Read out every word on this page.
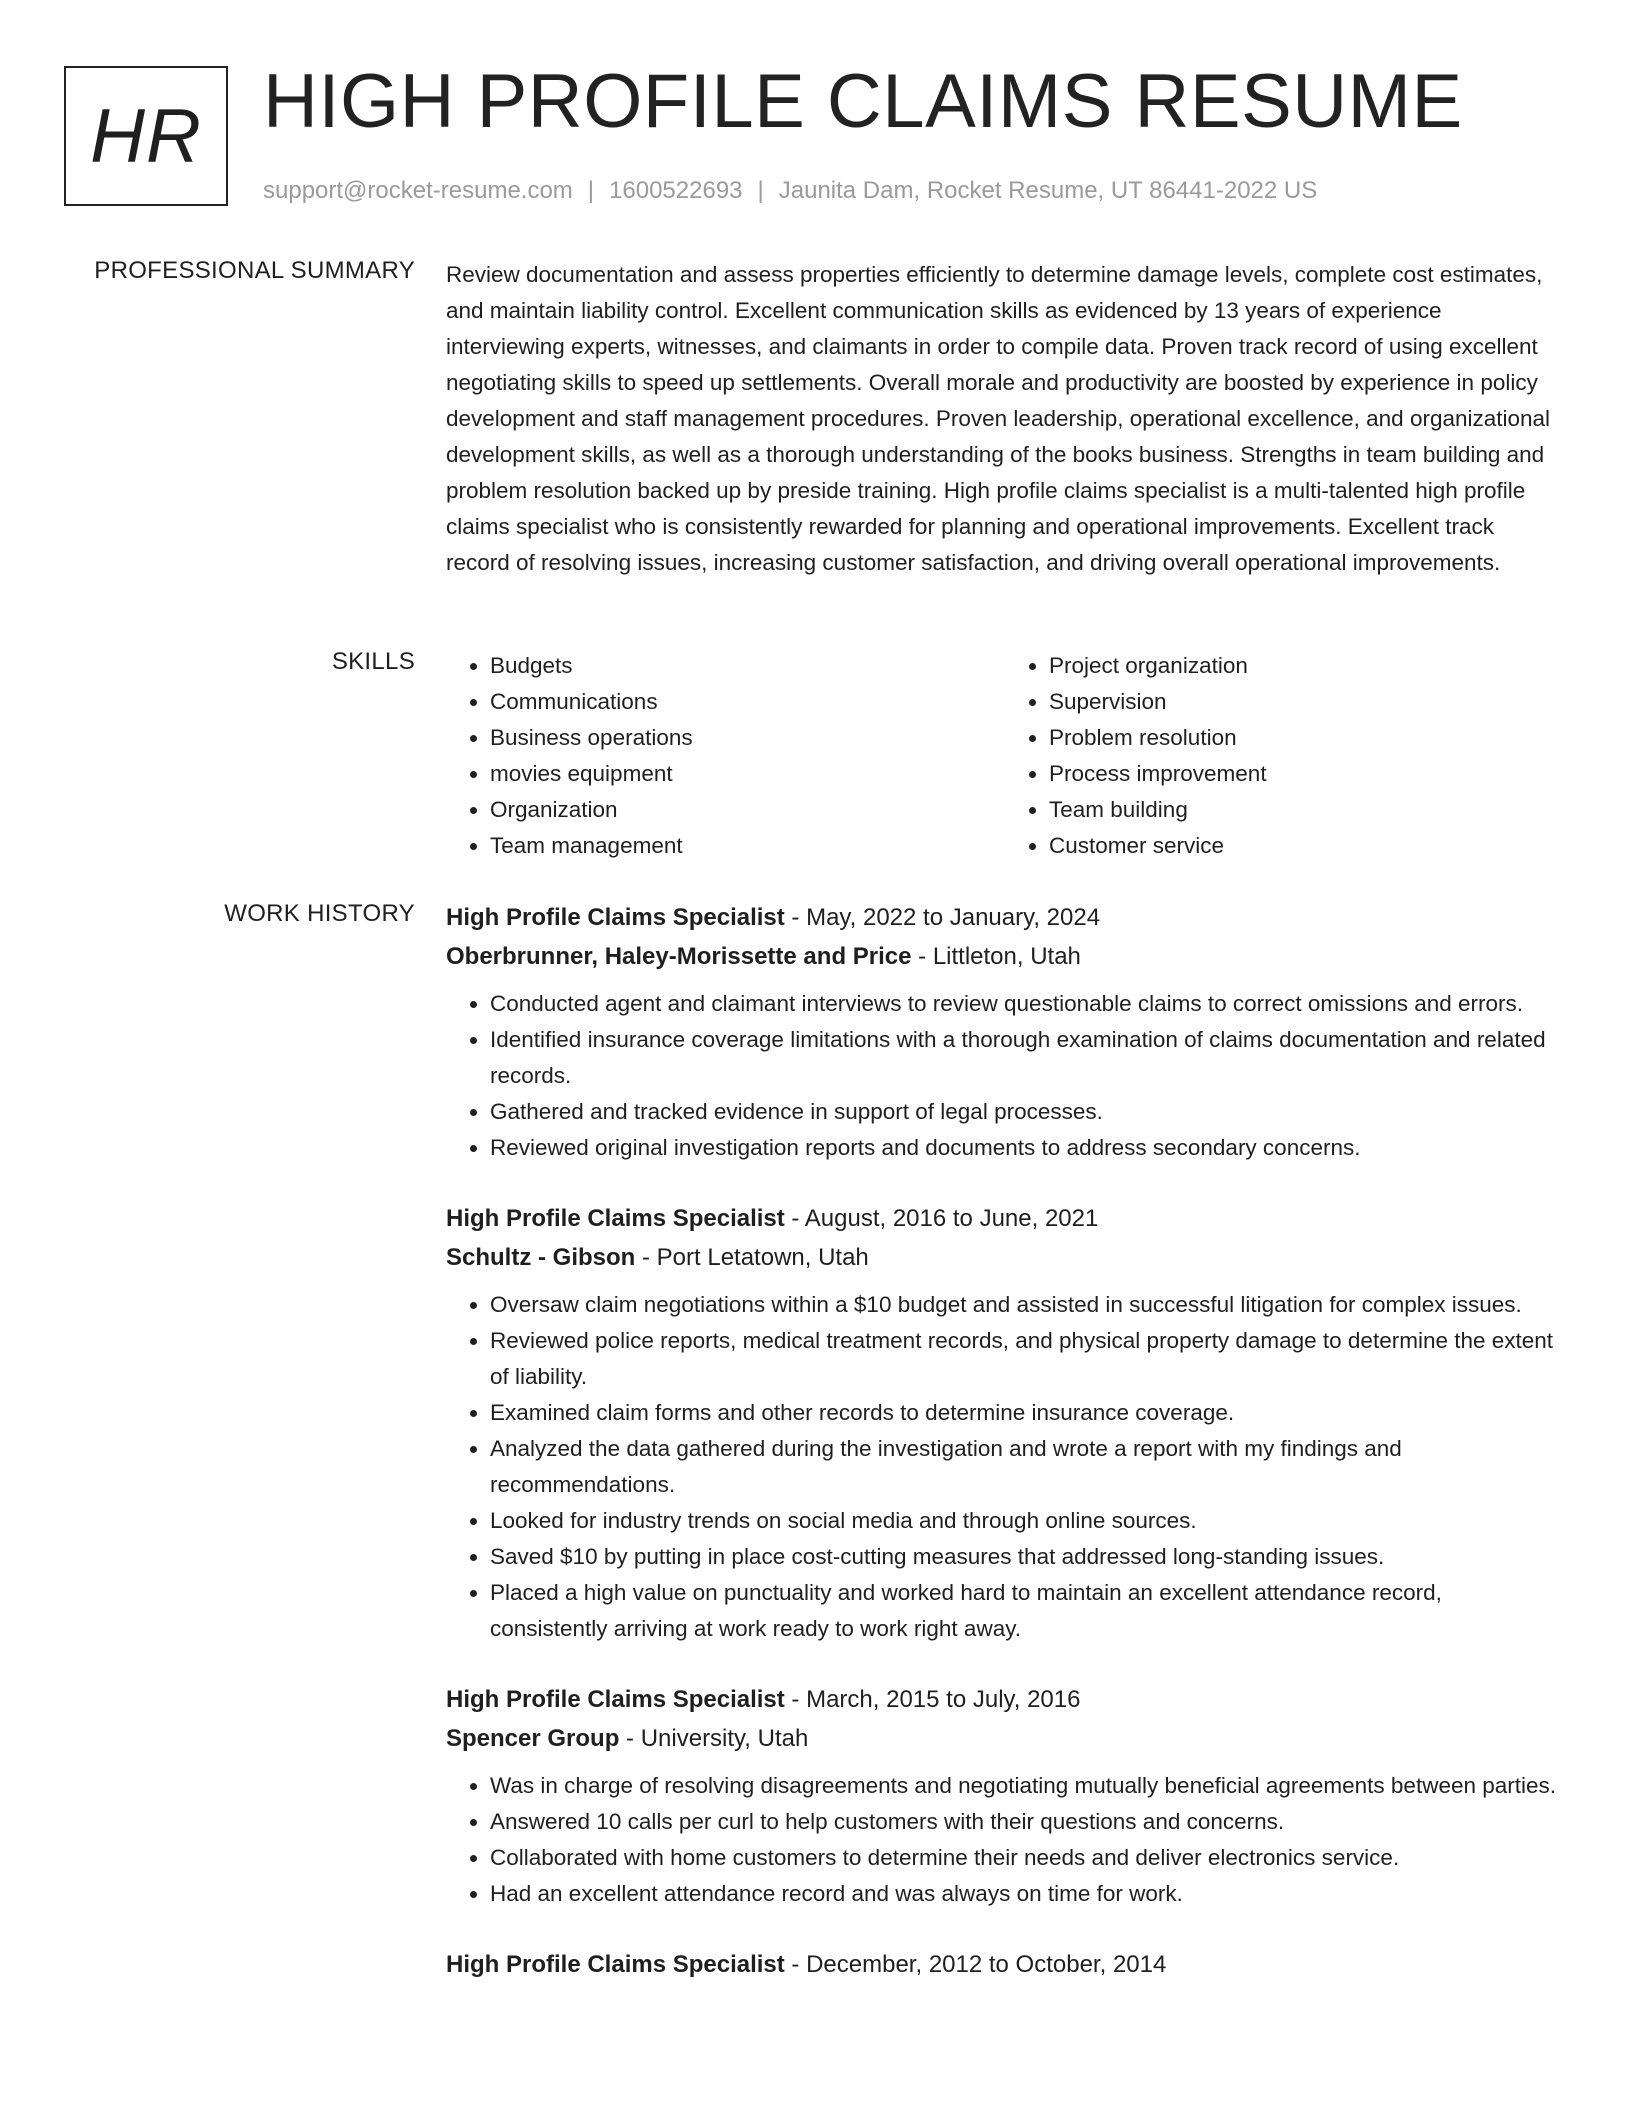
HR HIGH PROFILE CLAIMS RESUME
support@rocket-resume.com | 1600522693 | Jaunita Dam, Rocket Resume, UT 86441-2022 US
PROFESSIONAL SUMMARY Review documentation and assess properties efficiently to determine damage levels, complete cost estimates, and maintain liability control. Excellent communication skills as evidenced by 13 years of experience interviewing experts, witnesses, and claimants in order to compile data. Proven track record of using excellent negotiating skills to speed up settlements. Overall morale and productivity are boosted by experience in policy development and staff management procedures. Proven leadership, operational excellence, and organizational development skills, as well as a thorough understanding of the books business. Strengths in team building and problem resolution backed up by preside training. High profile claims specialist is a multi-talented high profile claims specialist who is consistently rewarded for planning and operational improvements. Excellent track record of resolving issues, increasing customer satisfaction, and driving overall operational improvements.

SKILLS
•	Budgets
• Communications
• Business operations
• movies equipment
• Organization
• Team management
• Project organization
• Supervision
• Problem resolution
• Process improvement
• Team building
• Customer service
WORK HISTORY High Profile Claims Specialist - May, 2022 to January, 2024
Oberbrunner, Haley-Morissette and Price - Littleton, Utah
• Conducted agent and claimant interviews to review questionable claims to correct omissions and errors.
• Identified insurance coverage limitations with a thorough examination of claims documentation and related records.
• Gathered and tracked evidence in support of legal processes.
• Reviewed original investigation reports and documents to address secondary concerns.
High Profile Claims Specialist - August, 2016 to June, 2021
Schultz - Gibson - Port Letatown, Utah
• Oversaw claim negotiations within a $10 budget and assisted in successful litigation for complex issues.
• Reviewed police reports, medical treatment records, and physical property damage to determine the extent of liability.
• Examined claim forms and other records to determine insurance coverage.
• Analyzed the data gathered during the investigation and wrote a report with my findings and recommendations.
• Looked for industry trends on social media and through online sources.
• Saved $10 by putting in place cost-cutting measures that addressed long-standing issues.
• Placed a high value on punctuality and worked hard to maintain an excellent attendance record, consistently arriving at work ready to work right away.
High Profile Claims Specialist - March, 2015 to July, 2016
Spencer Group - University, Utah
• Was in charge of resolving disagreements and negotiating mutually beneficial agreements between parties.
• Answered 10 calls per curl to help customers with their questions and concerns.
• Collaborated with home customers to determine their needs and deliver electronics service.
• Had an excellent attendance record and was always on time for work.
High Profile Claims Specialist - December, 2012 to October, 2014
